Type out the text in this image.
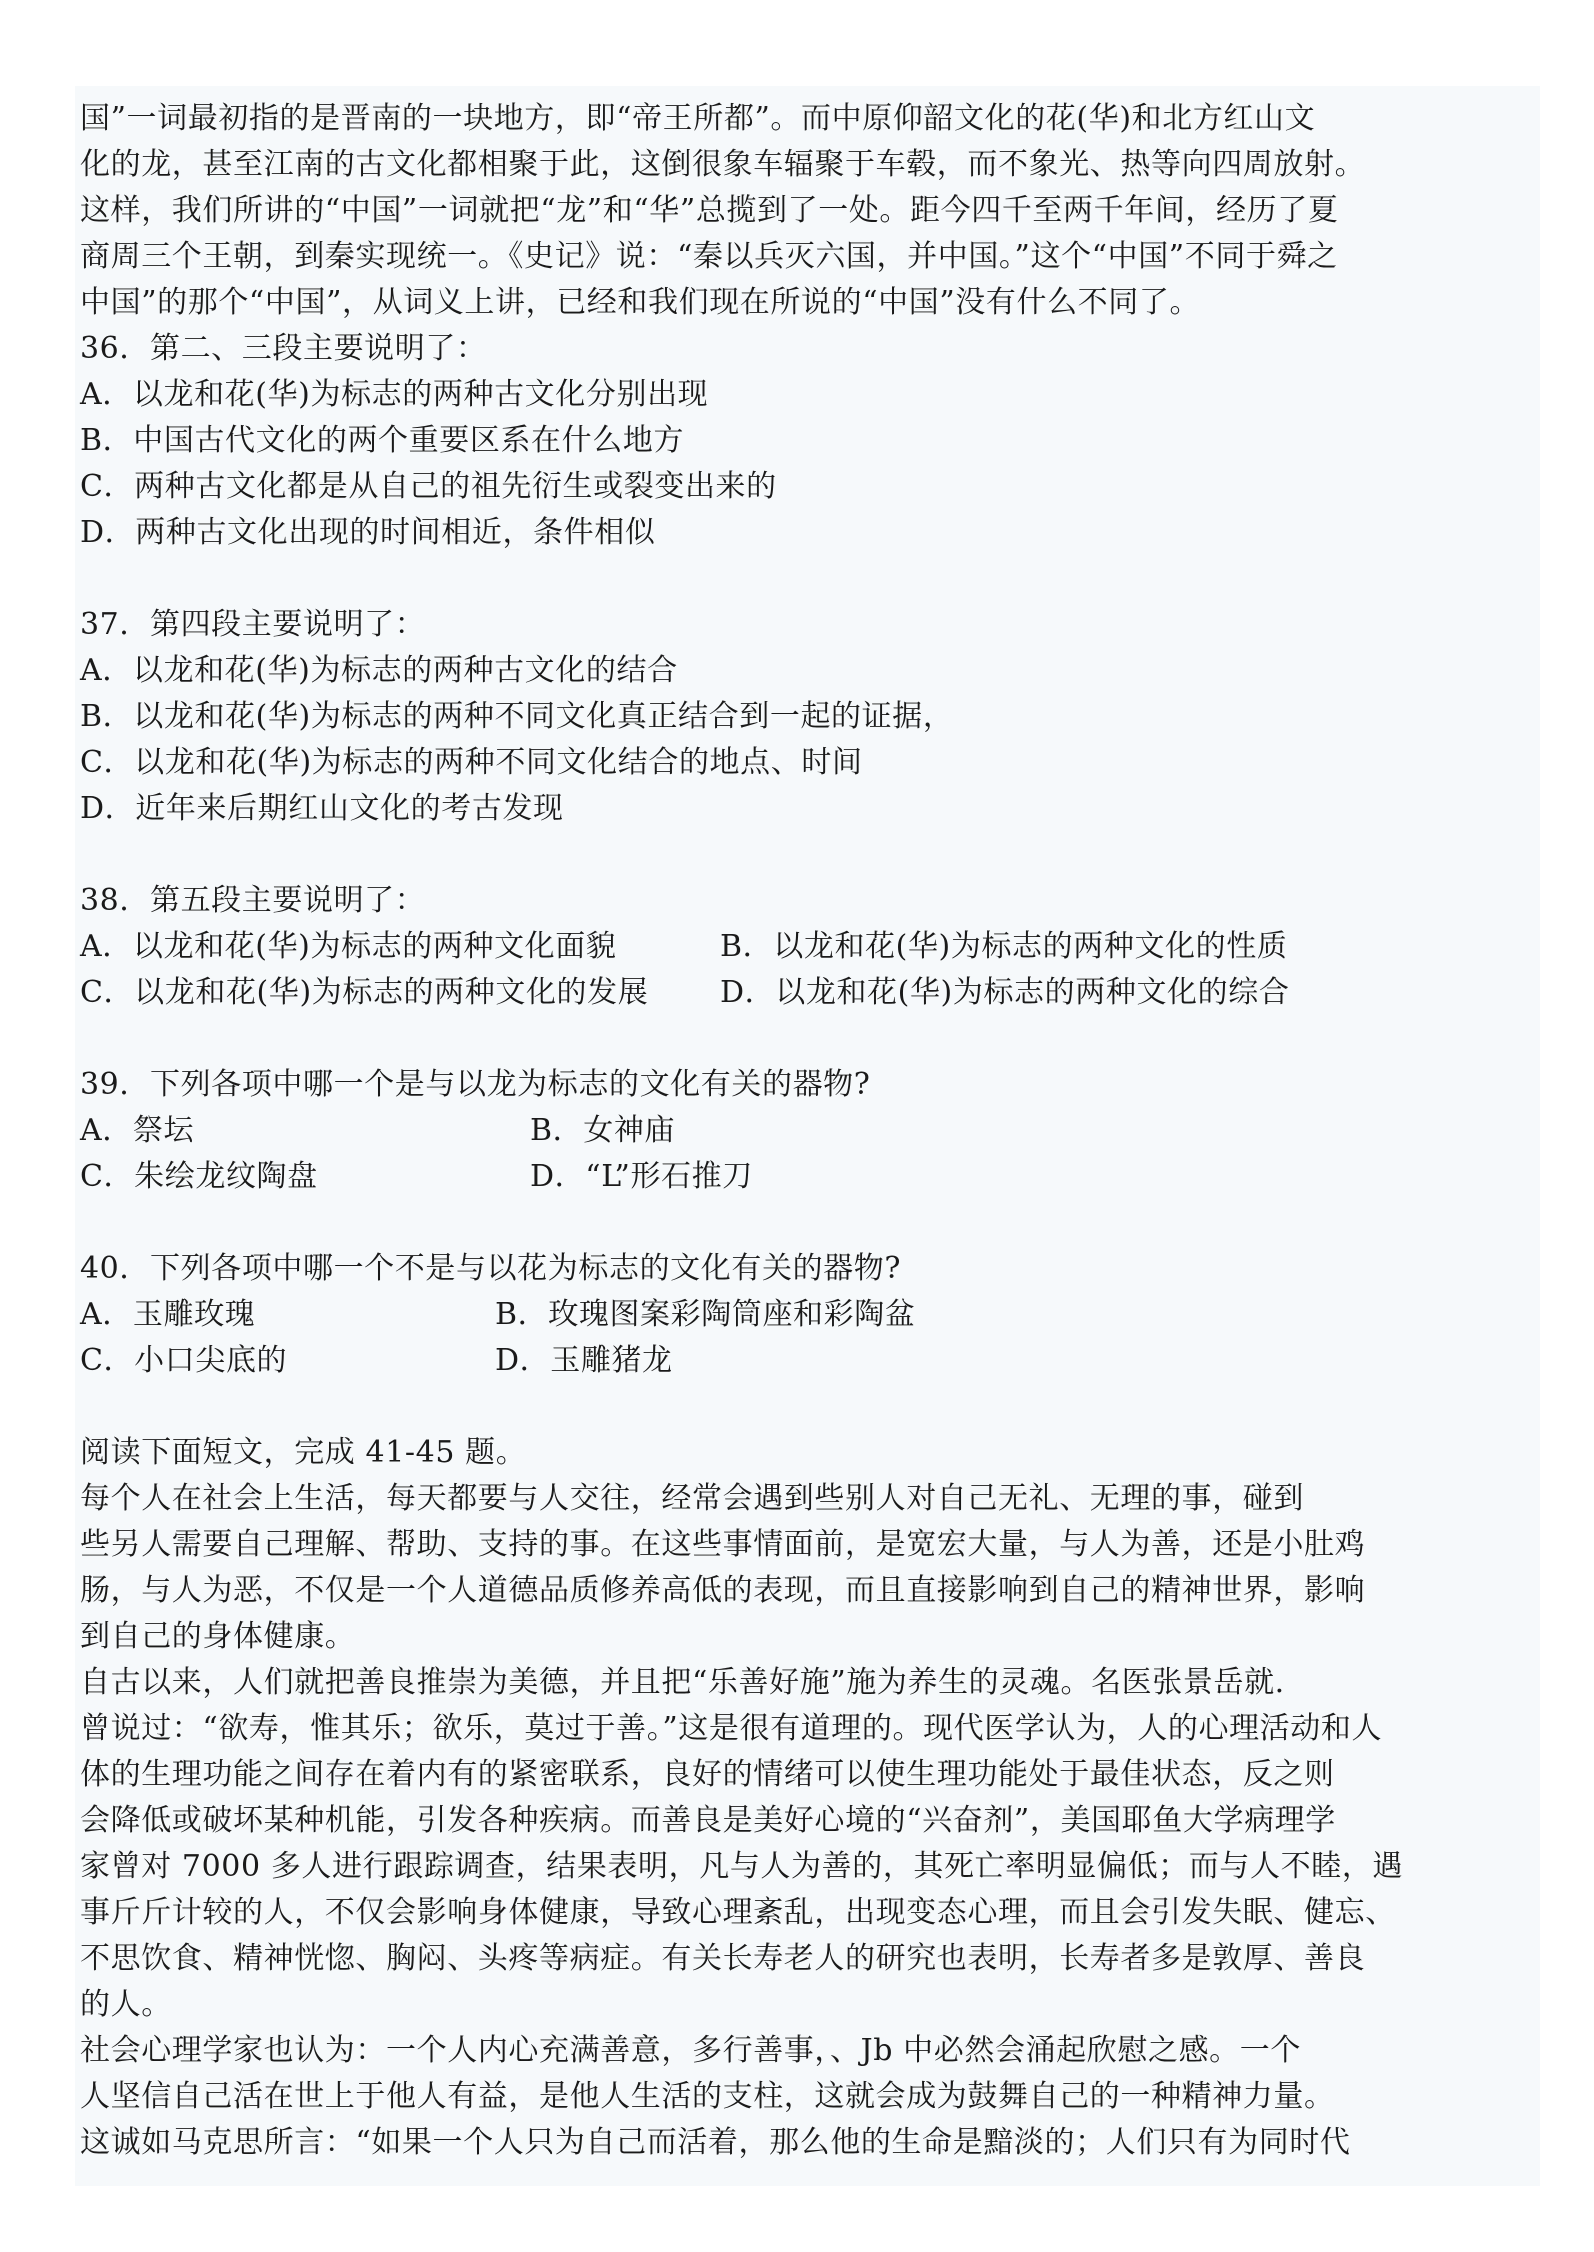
国”一词最初指的是晋南的一块地方，即“帝王所都”。而中原仰韶文化的花(华)和北方红山文
化的龙，甚至江南的古文化都相聚于此，这倒很象车辐聚于车毂，而不象光、热等向四周放射。
这样，我们所讲的“中国”一词就把“龙”和“华”总揽到了一处。距今四千至两千年间，经历了夏
商周三个王朝，到秦实现统一。《史记》说：“秦以兵灭六国，并中国。”这个“中国”不同于舜之
中国”的那个“中国”，从词义上讲，已经和我们现在所说的“中国”没有什么不同了。
36．第二、三段主要说明了：
A．以龙和花(华)为标志的两种古文化分别出现
B．中国古代文化的两个重要区系在什么地方
C．两种古文化都是从自己的祖先衍生或裂变出来的
D．两种古文化出现的时间相近，条件相似
37．第四段主要说明了：
A．以龙和花(华)为标志的两种古文化的结合
B．以龙和花(华)为标志的两种不同文化真正结合到一起的证据，
C．以龙和花(华)为标志的两种不同文化结合的地点、时间
D．近年来后期红山文化的考古发现
38．第五段主要说明了：
A．以龙和花(华)为标志的两种文化面貌	B．以龙和花(华)为标志的两种文化的性质
C．以龙和花(华)为标志的两种文化的发展 D．以龙和花(华)为标志的两种文化的综合
39．下列各项中哪一个是与以龙为标志的文化有关的器物?
A．祭坛	B．女神庙
C．朱绘龙纹陶盘	D．“L”形石推刀
40．下列各项中哪一个不是与以花为标志的文化有关的器物?
A．玉雕玫瑰	B．玫瑰图案彩陶筒座和彩陶盆
C．小口尖底的	D．玉雕猪龙
阅读下面短文，完成 41-45 题。
每个人在社会上生活，每天都要与人交往，经常会遇到些别人对自己无礼、无理的事，碰到
些另人需要自己理解、帮助、支持的事。在这些事情面前，是宽宏大量，与人为善，还是小肚鸡
肠，与人为恶，不仅是一个人道德品质修养高低的表现，而且直接影响到自己的精神世界，影响
到自己的身体健康。
自古以来，人们就把善良推崇为美德，并且把“乐善好施”施为养生的灵魂。名医张景岳就.
曾说过：“欲寿，惟其乐；欲乐，莫过于善。”这是很有道理的。现代医学认为，人的心理活动和人
体的生理功能之间存在着内有的紧密联系，良好的情绪可以使生理功能处于最佳状态，反之则
会降低或破坏某种机能，引发各种疾病。而善良是美好心境的“兴奋剂”，美国耶鱼大学病理学
家曾对 7000 多人进行跟踪调查，结果表明，凡与人为善的，其死亡率明显偏低；而与人不睦，遇
事斤斤计较的人，不仅会影响身体健康，导致心理紊乱，出现变态心理，而且会引发失眠、健忘、
不思饮食、精神恍惚、胸闷、头疼等病症。有关长寿老人的研究也表明，长寿者多是敦厚、善良
的人。
社会心理学家也认为：一个人内心充满善意，多行善事，、Jb 中必然会涌起欣慰之感。一个
人坚信自己活在世上于他人有益，是他人生活的支柱，这就会成为鼓舞自己的一种精神力量。
这诚如马克思所言：“如果一个人只为自己而活着，那么他的生命是黯淡的；人们只有为同时代
